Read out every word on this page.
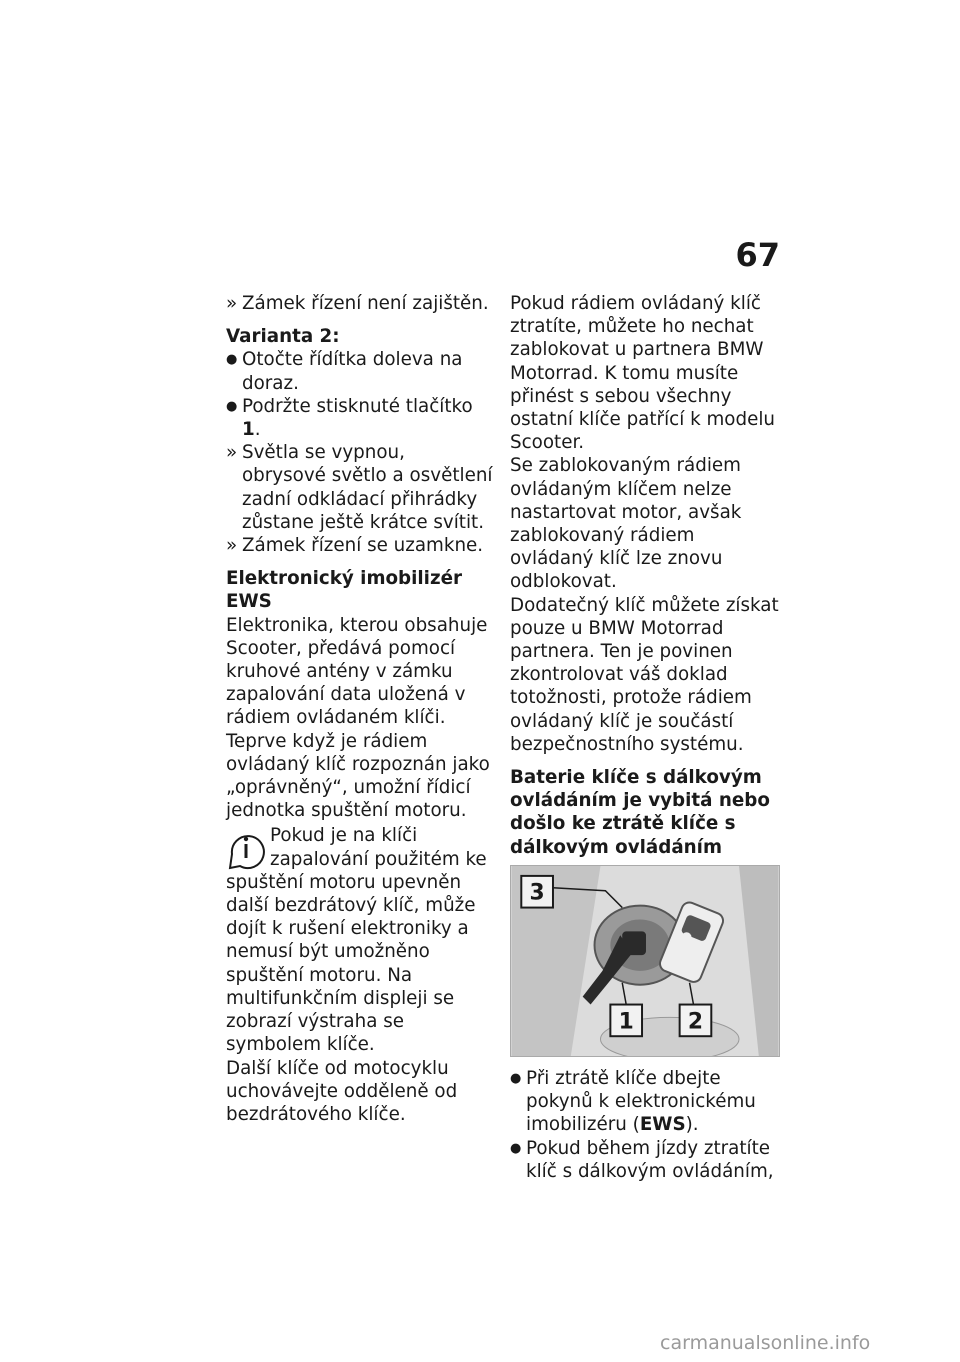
67

» Zámek řízení není zajištěn.

Varianta 2:

● Otočte řídítka doleva na doraz.

● Podržte stisknuté tlačítko 1.

» Světla se vypnou, obrysové světlo a osvětlení zadní odkládací přihrádky zůstane ještě krátce svítit.

» Zámek řízení se uzamkne.

Elektronický imobilizér EWS

Elektronika, kterou obsahuje Scooter, předává pomocí kruhové antény v zámku zapalování data uložená v rádiem ovládaném klíči. Teprve když je rádiem ovládaný klíč rozpoznán jako „oprávněný“, umožní řídicí jednotka spuštění motoru.

Pokud je na klíči zapalování použitém ke spuštění motoru upevněn další bezdrátový klíč, může dojít k rušení elektroniky a nemusí být umožněno spuštění motoru. Na multifunkčním displeji se zobrazí výstraha se symbolem klíče.

Další klíče od motocyklu uchovávejte odděleně od bezdrátového klíče.

Pokud rádiem ovládaný klíč ztratíte, můžete ho nechat zablokovat u partnera BMW Motorrad. K tomu musíte přinést s sebou všechny ostatní klíče patřící k modelu Scooter.

Se zablokovaným rádiem ovládaným klíčem nelze nastartovat motor, avšak zablokovaný rádiem ovládaný klíč lze znovu odblokovat.

Dodatečný klíč můžete získat pouze u BMW Motorrad partnera. Ten je povinen zkontrolovat váš doklad totožnosti, protože rádiem ovládaný klíč je součástí bezpečnostního systému.

Baterie klíče s dálkovým ovládáním je vybitá nebo došlo ke ztrátě klíče s dálkovým ovládáním

3
1 2

● Při ztrátě klíče dbejte pokynů k elektronickému imobilizéru (EWS).

● Pokud během jízdy ztratíte klíč s dálkovým ovládáním,

carmanualsonline.info
